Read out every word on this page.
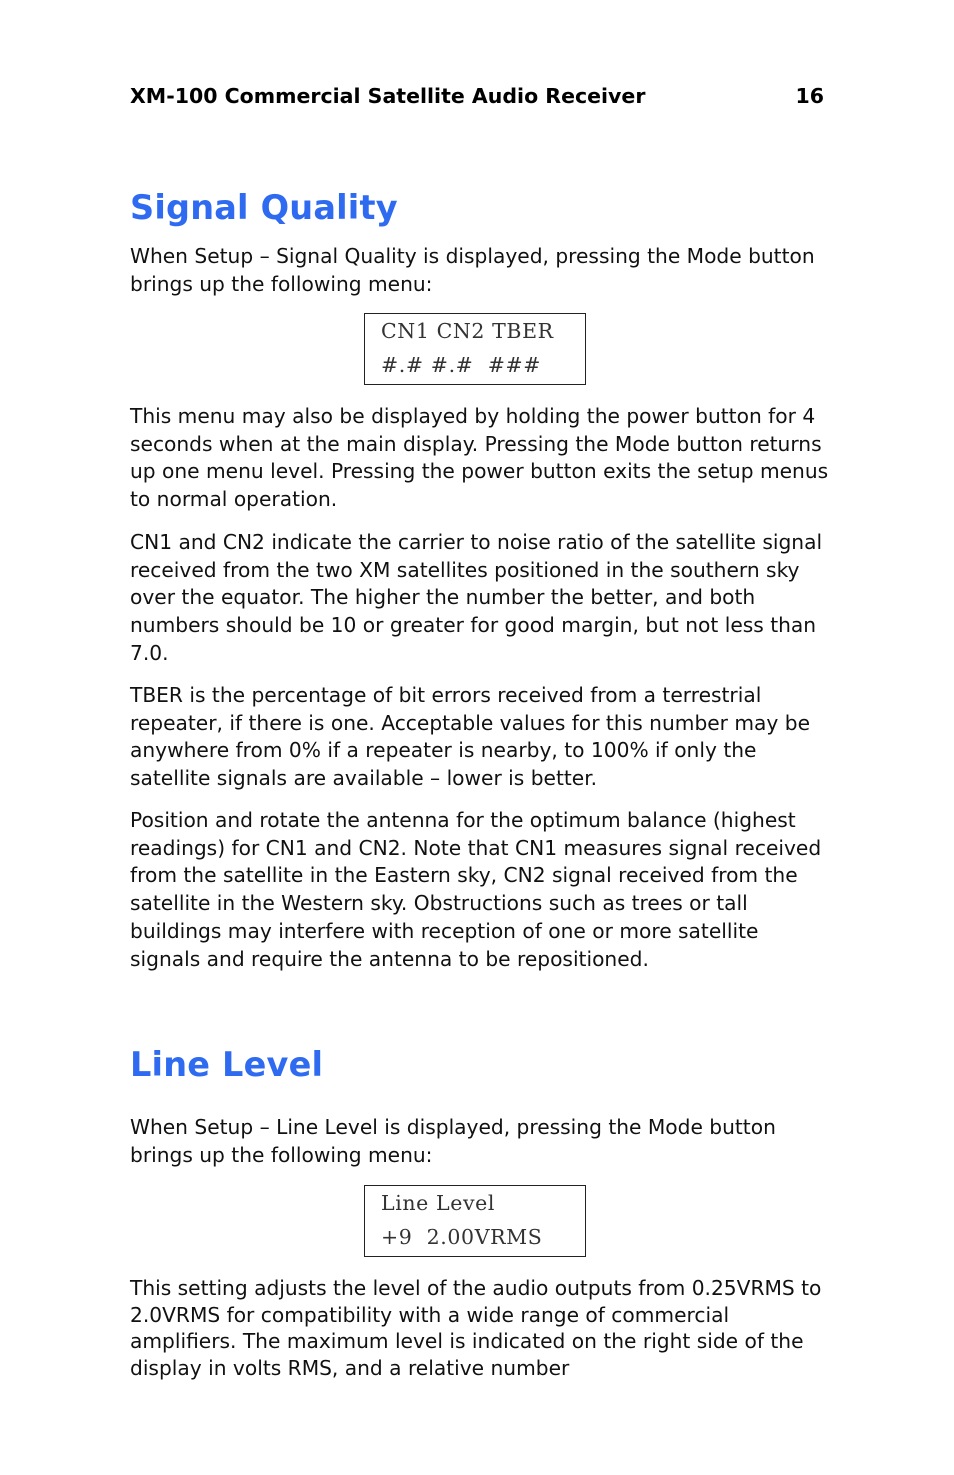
XM-100 Commercial Satellite Audio Receiver	16
Signal Quality

When Setup – Signal Quality is displayed, pressing the Mode button brings up the following menu:

CN1 CN2 TBER
#.# #.#  ###

This menu may also be displayed by holding the power button for 4 seconds when at the main display. Pressing the Mode button returns up one menu level. Pressing the power button exits the setup menus to normal operation.

CN1 and CN2 indicate the carrier to noise ratio of the satellite signal received from the two XM satellites positioned in the southern sky over the equator. The higher the number the better, and both numbers should be 10 or greater for good margin, but not less than 7.0.

TBER is the percentage of bit errors received from a terrestrial repeater, if there is one. Acceptable values for this number may be anywhere from 0% if a repeater is nearby, to 100% if only the satellite signals are available – lower is better.

Position and rotate the antenna for the optimum balance (highest readings) for CN1 and CN2. Note that CN1 measures signal received from the satellite in the Eastern sky, CN2 signal received from the satellite in the Western sky. Obstructions such as trees or tall buildings may interfere with reception of one or more satellite signals and require the antenna to be repositioned.

Line Level

When Setup – Line Level is displayed, pressing the Mode button brings up the following menu:

Line Level
+9  2.00VRMS

This setting adjusts the level of the audio outputs from 0.25VRMS to 2.0VRMS for compatibility with a wide range of commercial amplifiers. The maximum level is indicated on the right side of the display in volts RMS, and a relative number
